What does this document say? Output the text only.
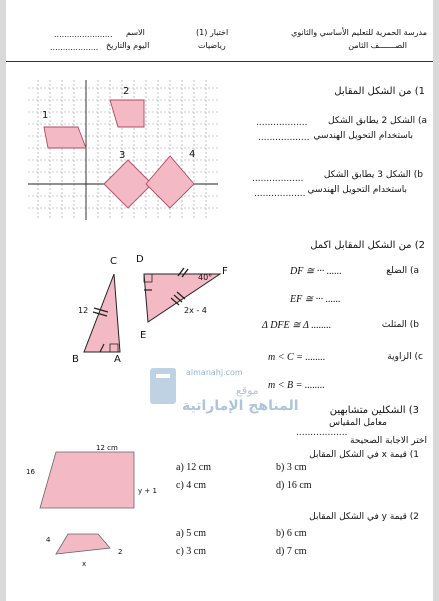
مدرسة الحمرية للتعليم الأساسي والثانوي
الصـــــــف الثامن
اختبار (1)
رياضيات
....................... الاسم
................... اليوم والتاريخ
1) من الشكل المقابل
1
2
3	4
a) الشكل 2 يطابق الشكل
..................
باستخدام التحويل الهندسي
..................
b) الشكل 3 يطابق الشكل
..................
باستخدام التحويل الهندسي
..................
2) من الشكل المقابل اكمل
C D
F
B	A
E
12
40°
2x - 4
a) الضلع
DF ≅ ··· ......
EF ≅ ··· ......
b) المثلث
Δ DFE ≅ Δ ........
c) الزاوية
m < C = ........
m < B = ........
almanahj.com
موقع
المناهج الإماراتية	3) الشكلين متشابهين
معامل المقياس
..................
اختر الاجابة الصحيحة
1) قيمة x في الشكل المقابل
12 cm
16
y + 1
a) 12 cm	b) 3 cm
c) 4 cm	d) 16 cm
2) قيمة y في الشكل المقابل
4
2
x
a) 5 cm	b) 6 cm
c) 3 cm	d) 7 cm
